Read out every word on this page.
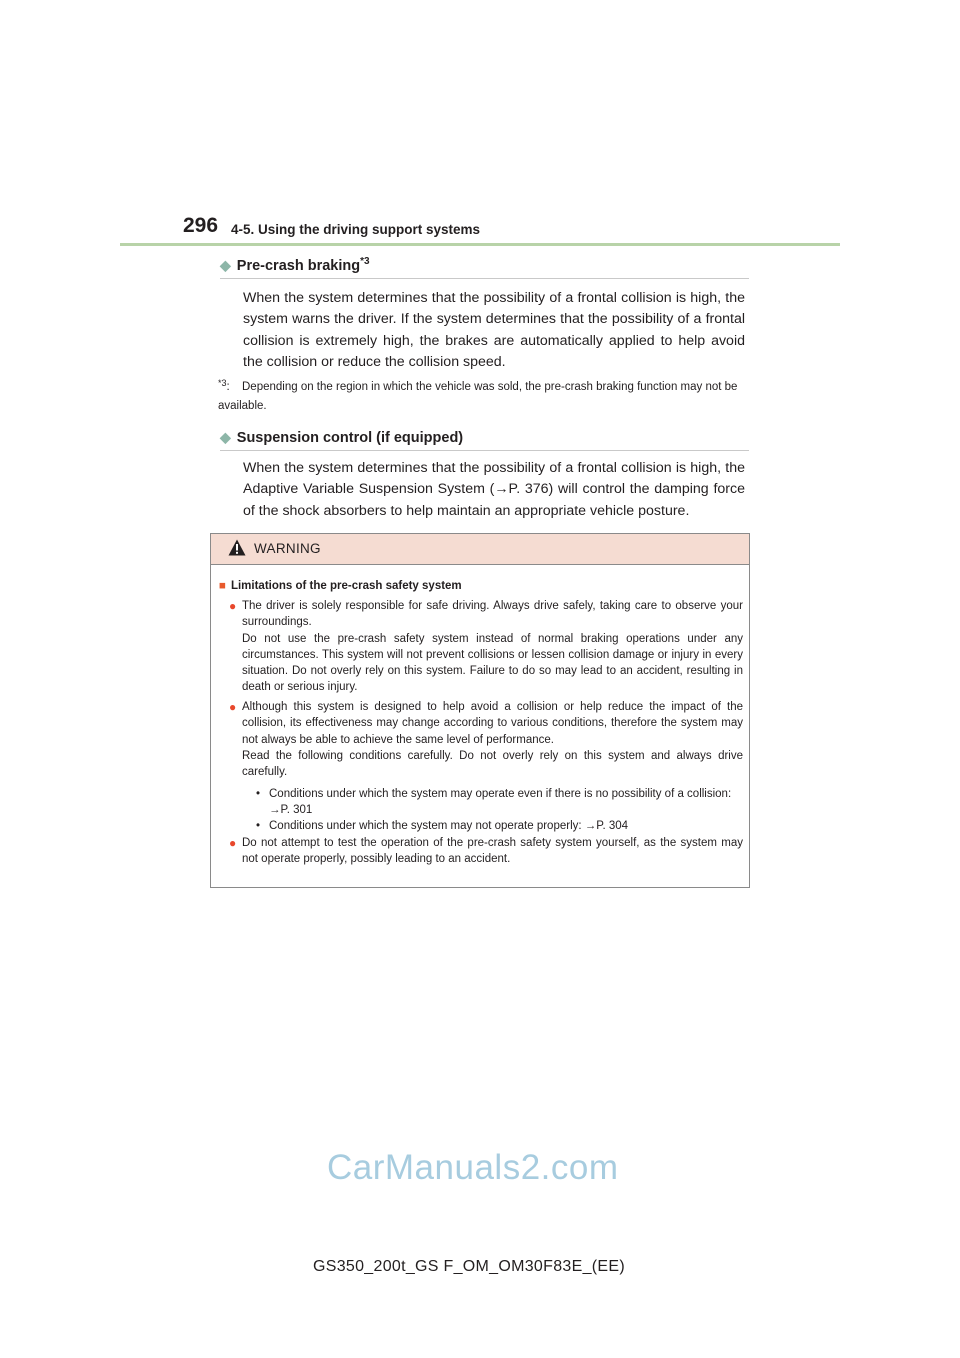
296 4-5. Using the driving support systems
◆ Pre-crash braking$^{*3}$
When the system determines that the possibility of a frontal collision is high, the system warns the driver. If the system determines that the possibility of a frontal collision is extremely high, the brakes are automatically applied to help avoid the collision or reduce the collision speed.
$^{*3}$: Depending on the region in which the vehicle was sold, the pre-crash braking function may not be available.
◆ Suspension control (if equipped)
When the system determines that the possibility of a frontal collision is high, the Adaptive Variable Suspension System (→P. 376) will control the damping force of the shock absorbers to help maintain an appropriate vehicle posture.
WARNING
■ Limitations of the pre-crash safety system
● The driver is solely responsible for safe driving. Always drive safely, taking care to observe your surroundings.
Do not use the pre-crash safety system instead of normal braking operations under any circumstances. This system will not prevent collisions or lessen collision damage or injury in every situation. Do not overly rely on this system. Failure to do so may lead to an accident, resulting in death or serious injury.
● Although this system is designed to help avoid a collision or help reduce the impact of the collision, its effectiveness may change according to various conditions, therefore the system may not always be able to achieve the same level of performance.
Read the following conditions carefully. Do not overly rely on this system and always drive carefully.
• Conditions under which the system may operate even if there is no possibility of a collision: →P. 301
• Conditions under which the system may not operate properly: →P. 304
● Do not attempt to test the operation of the pre-crash safety system yourself, as the system may not operate properly, possibly leading to an accident.
CarManuals2.com
GS350_200t_GS F_OM_OM30F83E_(EE)
